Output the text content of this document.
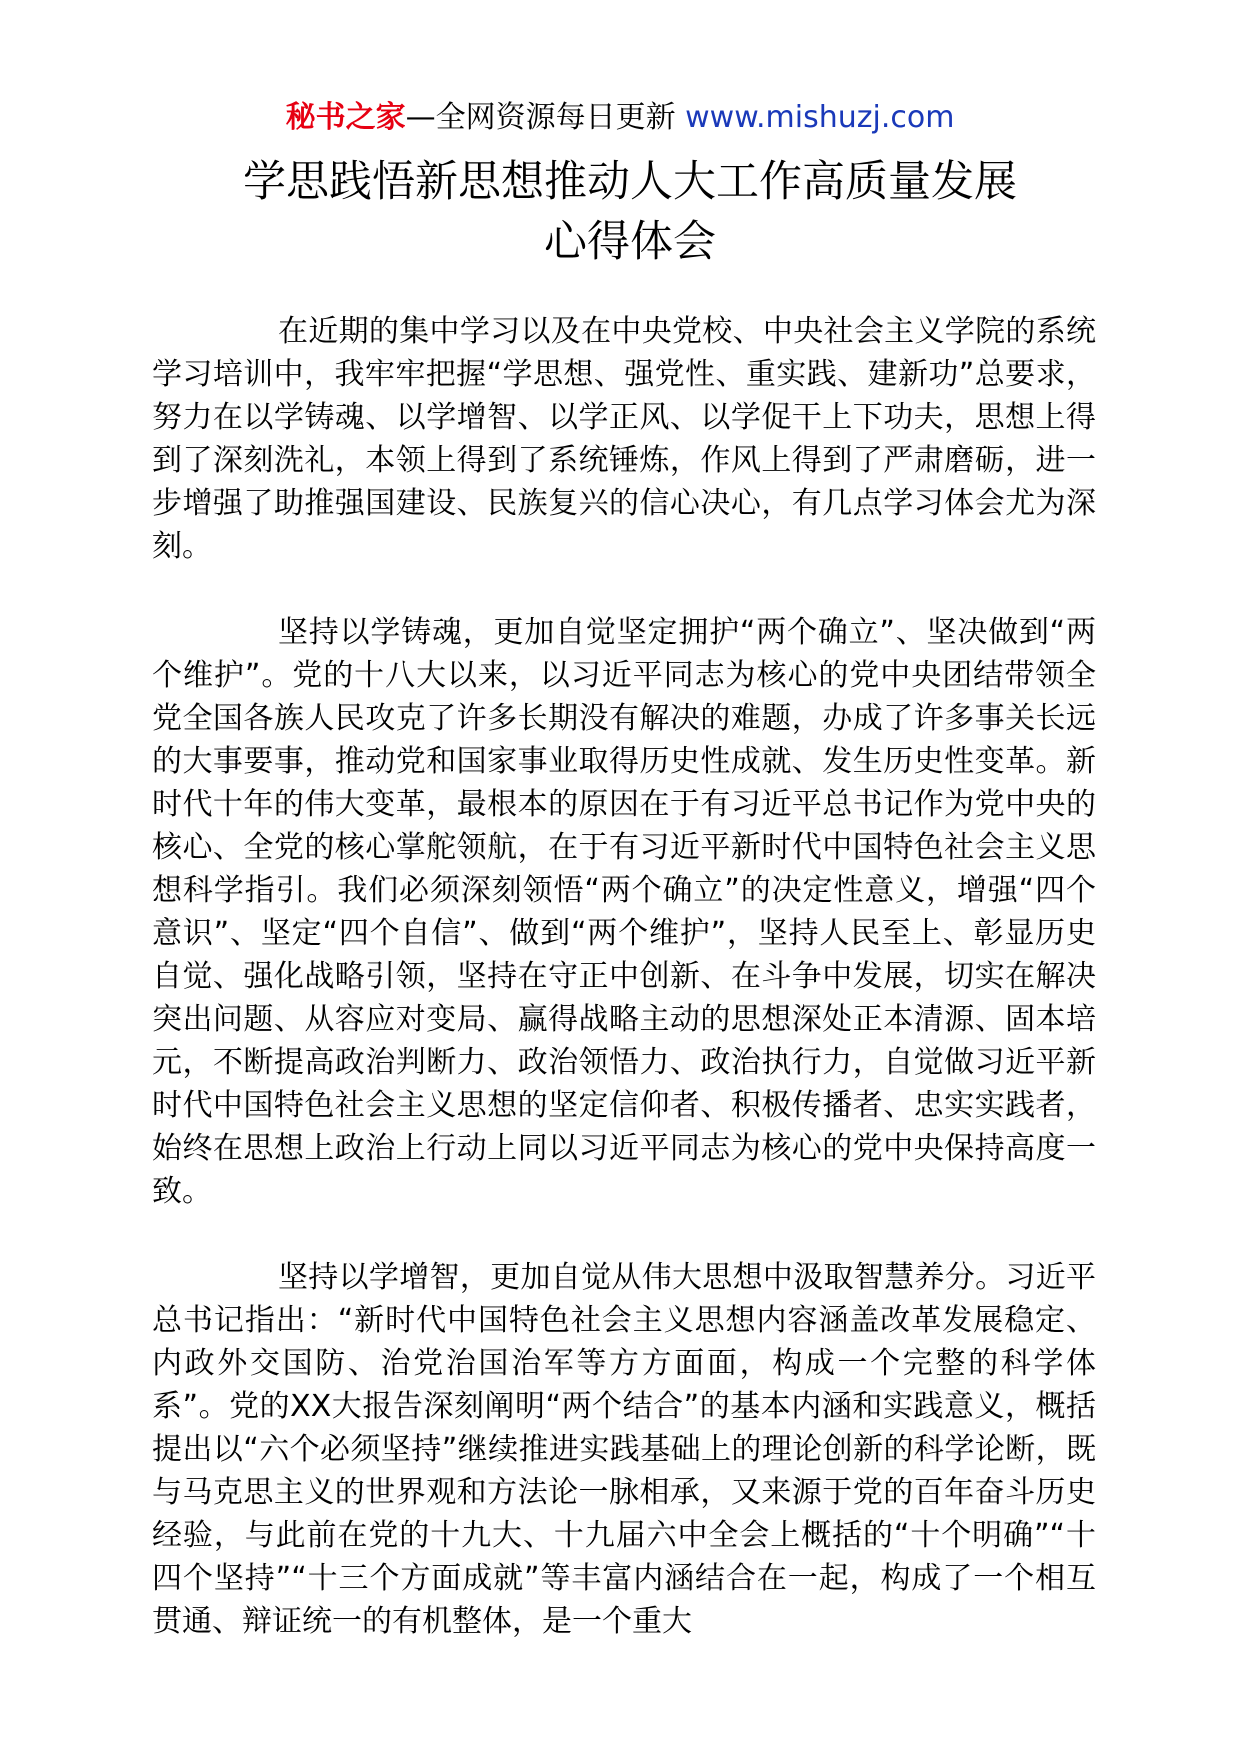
秘书之家—全网资源每日更新 www.mishuzj.com
学思践悟新思想推动人大工作高质量发展
心得体会

在近期的集中学习以及在中央党校、中央社会主义学院的系统学习培训中，我牢牢把握“学思想、强党性、重实践、建新功”总要求，努力在以学铸魂、以学增智、以学正风、以学促干上下功夫，思想上得到了深刻洗礼，本领上得到了系统锤炼，作风上得到了严肃磨砺，进一步增强了助推强国建设、民族复兴的信心决心，有几点学习体会尤为深刻。

坚持以学铸魂，更加自觉坚定拥护“两个确立”、坚决做到“两个维护”。党的十八大以来，以习近平同志为核心的党中央团结带领全党全国各族人民攻克了许多长期没有解决的难题，办成了许多事关长远的大事要事，推动党和国家事业取得历史性成就、发生历史性变革。新时代十年的伟大变革，最根本的原因在于有习近平总书记作为党中央的核心、全党的核心掌舵领航，在于有习近平新时代中国特色社会主义思想科学指引。我们必须深刻领悟“两个确立”的决定性意义，增强“四个意识”、坚定“四个自信”、做到“两个维护”，坚持人民至上、彰显历史自觉、强化战略引领，坚持在守正中创新、在斗争中发展，切实在解决突出问题、从容应对变局、赢得战略主动的思想深处正本清源、固本培元，不断提高政治判断力、政治领悟力、政治执行力，自觉做习近平新时代中国特色社会主义思想的坚定信仰者、积极传播者、忠实实践者，始终在思想上政治上行动上同以习近平同志为核心的党中央保持高度一致。

坚持以学增智，更加自觉从伟大思想中汲取智慧养分。习近平总书记指出：“新时代中国特色社会主义思想内容涵盖改革发展稳定、内政外交国防、治党治国治军等方方面面，构成一个完整的科学体系”。党的XX大报告深刻阐明“两个结合”的基本内涵和实践意义，概括提出以“六个必须坚持”继续推进实践基础上的理论创新的科学论断，既与马克思主义的世界观和方法论一脉相承，又来源于党的百年奋斗历史经验，与此前在党的十九大、十九届六中全会上概括的“十个明确”“十四个坚持”“十三个方面成就”等丰富内涵结合在一起，构成了一个相互贯通、辩证统一的有机整体，是一个重大
